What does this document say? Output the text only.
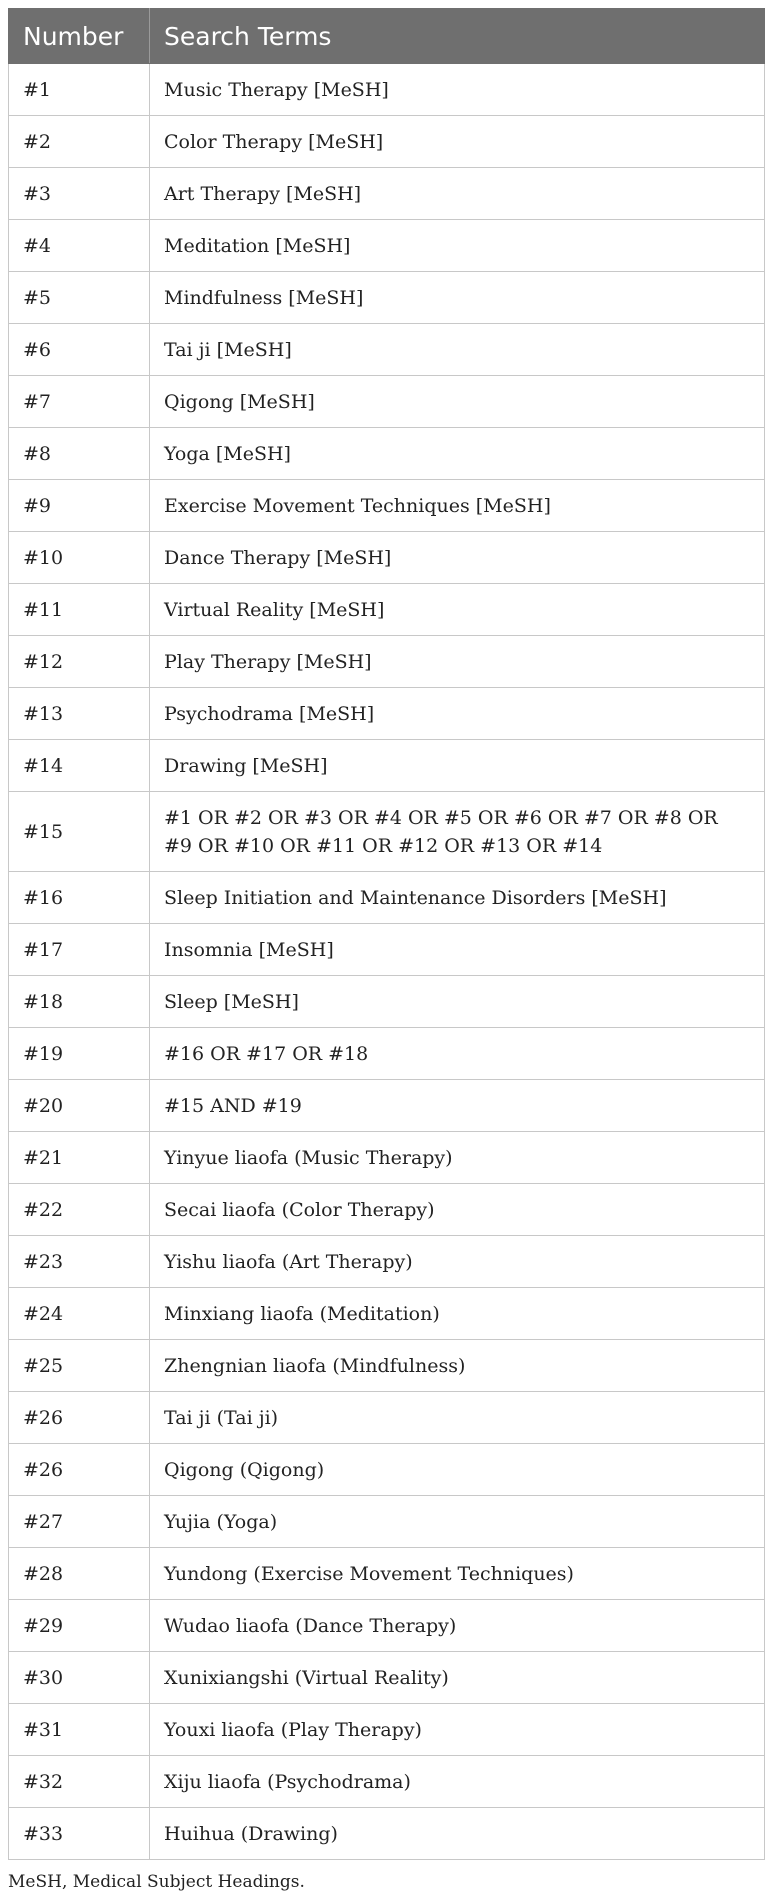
Number	Search Terms
#1	Music Therapy [MeSH]
#2	Color Therapy [MeSH]
#3	Art Therapy [MeSH]
#4	Meditation [MeSH]
#5	Mindfulness [MeSH]
#6	Tai ji [MeSH]
#7	Qigong [MeSH]
#8	Yoga [MeSH]
#9	Exercise Movement Techniques [MeSH]
#10	Dance Therapy [MeSH]
#11	Virtual Reality [MeSH]
#12	Play Therapy [MeSH]
#13	Psychodrama [MeSH]
#14	Drawing [MeSH]
#15	#1 OR #2 OR #3 OR #4 OR #5 OR #6 OR #7 OR #8 OR #9 OR #10 OR #11 OR #12 OR #13 OR #14
#16	Sleep Initiation and Maintenance Disorders [MeSH]
#17	Insomnia [MeSH]
#18	Sleep [MeSH]
#19	#16 OR #17 OR #18
#20	#15 AND #19
#21	Yinyue liaofa (Music Therapy)
#22	Secai liaofa (Color Therapy)
#23	Yishu liaofa (Art Therapy)
#24	Minxiang liaofa (Meditation)
#25	Zhengnian liaofa (Mindfulness)
#26	Tai ji (Tai ji)
#26	Qigong (Qigong)
#27	Yujia (Yoga)
#28	Yundong (Exercise Movement Techniques)
#29	Wudao liaofa (Dance Therapy)
#30	Xunixiangshi (Virtual Reality)
#31	Youxi liaofa (Play Therapy)
#32	Xiju liaofa (Psychodrama)
#33	Huihua (Drawing)
MeSH, Medical Subject Headings.
